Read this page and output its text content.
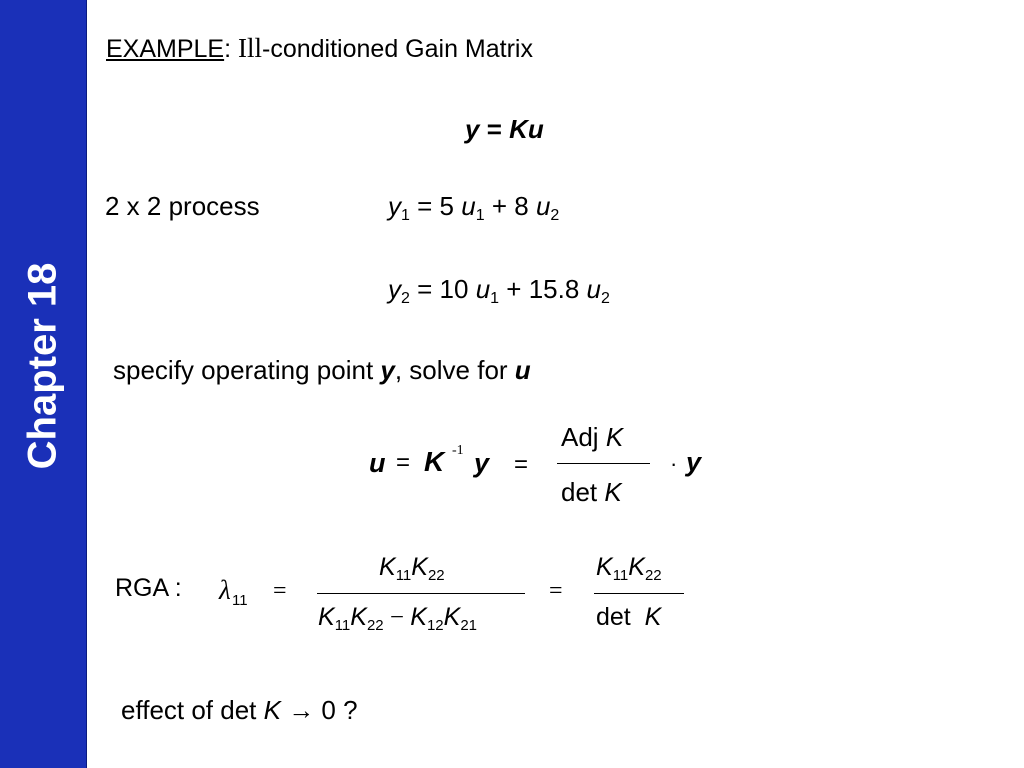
Chapter 18
EXAMPLE: Ill-conditioned Gain Matrix
y = Ku
2 x 2 process	$y_1 = 5$ $u_1 + 8$ $u_2$
$y_2 = 10$ $u_1 + 15.8$ $u_2$
specify operating point y, solve for u
u = K -1 y =
Adj K
det K
· y
RGA : λ 11 =
$K_{11}K_{22}$
$K_{11}K_{22} - K_{12}K_{21}$
=
$K_{11}K_{22}$
det K
effect of det K → 0 ?
